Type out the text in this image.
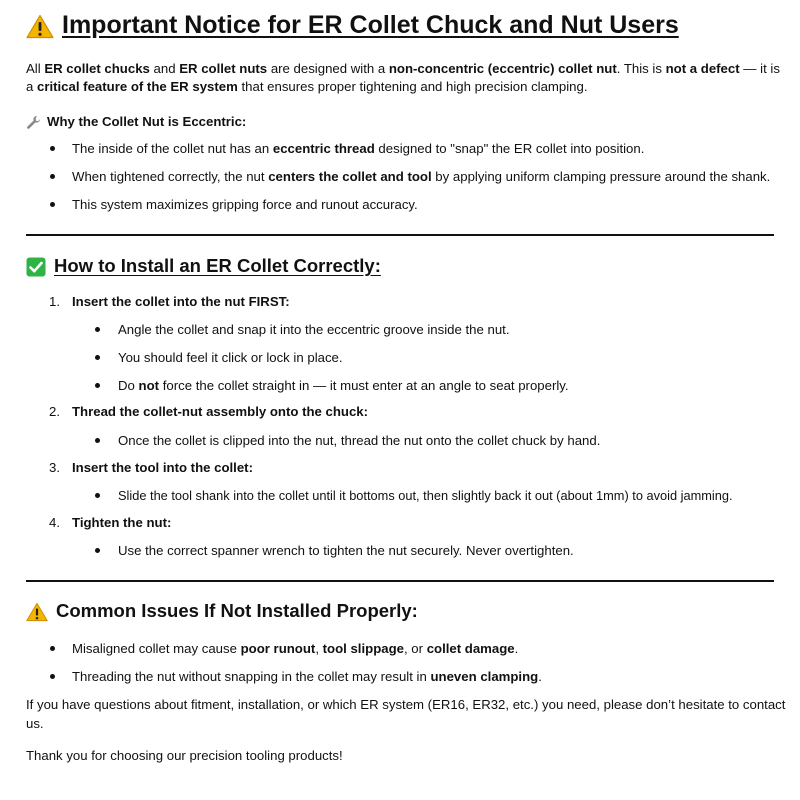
Important Notice for ER Collet Chuck and Nut Users
All ER collet chucks and ER collet nuts are designed with a non-concentric (eccentric) collet nut. This is not a defect — it is
a critical feature of the ER system that ensures proper tightening and high precision clamping.
Why the Collet Nut is Eccentric:
The inside of the collet nut has an eccentric thread designed to "snap" the ER collet into position.
When tightened correctly, the nut centers the collet and tool by applying uniform clamping pressure around the shank.
This system maximizes gripping force and runout accuracy.
How to Install an ER Collet Correctly:
1. Insert the collet into the nut FIRST:
Angle the collet and snap it into the eccentric groove inside the nut.
You should feel it click or lock in place.
Do not force the collet straight in — it must enter at an angle to seat properly.
2. Thread the collet-nut assembly onto the chuck:
Once the collet is clipped into the nut, thread the nut onto the collet chuck by hand.
3. Insert the tool into the collet:
Slide the tool shank into the collet until it bottoms out, then slightly back it out (about 1mm) to avoid jamming.
4. Tighten the nut:
Use the correct spanner wrench to tighten the nut securely. Never overtighten.
Common Issues If Not Installed Properly:
Misaligned collet may cause poor runout, tool slippage, or collet damage.
Threading the nut without snapping in the collet may result in uneven clamping.
If you have questions about fitment, installation, or which ER system (ER16, ER32, etc.) you need, please don’t hesitate to contact
us.
Thank you for choosing our precision tooling products!
